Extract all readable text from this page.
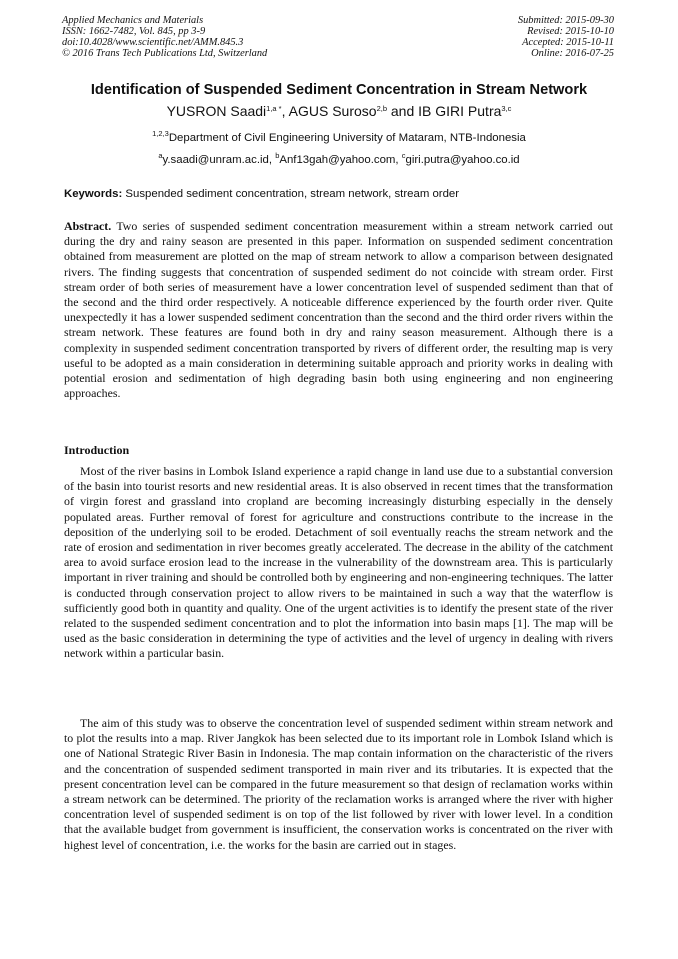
Applied Mechanics and Materials
ISSN: 1662-7482, Vol. 845, pp 3-9
doi:10.4028/www.scientific.net/AMM.845.3
© 2016 Trans Tech Publications Ltd, Switzerland
Submitted: 2015-09-30
Revised: 2015-10-10
Accepted: 2015-10-11
Online: 2016-07-25
Identification of Suspended Sediment Concentration in Stream Network
YUSRON Saadi$^{1,a *}$, AGUS Suroso$^{2,b}$ and IB GIRI Putra$^{3,c}$
$^{1,2,3}$Department of Civil Engineering University of Mataram, NTB-Indonesia
$^a$y.saadi@unram.ac.id, $^b$Anf13gah@yahoo.com, $^c$giri.putra@yahoo.co.id
Keywords: Suspended sediment concentration, stream network, stream order
Abstract. Two series of suspended sediment concentration measurement within a stream network carried out during the dry and rainy season are presented in this paper. Information on suspended sediment concentration obtained from measurement are plotted on the map of stream network to allow a comparison between designated rivers. The finding suggests that concentration of suspended sediment do not coincide with stream order. First stream order of both series of measurement have a lower concentration level of suspended sediment than that of the second and the third order respectively. A noticeable difference experienced by the fourth order river. Quite unexpectedly it has a lower suspended sediment concentration than the second and the third order rivers within the stream network. These features are found both in dry and rainy season measurement. Although there is a complexity in suspended sediment concentration transported by rivers of different order, the resulting map is very useful to be adopted as a main consideration in determining suitable approach and priority works in dealing with potential erosion and sedimentation of high degrading basin both using engineering and non engineering approaches.
Introduction
Most of the river basins in Lombok Island experience a rapid change in land use due to a substantial conversion of the basin into tourist resorts and new residential areas. It is also observed in recent times that the transformation of virgin forest and grassland into cropland are becoming increasingly disturbing especially in the densely populated areas. Further removal of forest for agriculture and constructions contribute to the increase in the deposition of the underlying soil to be eroded. Detachment of soil eventually reachs the stream network and the rate of erosion and sedimentation in river becomes greatly accelerated. The decrease in the ability of the catchment area to avoid surface erosion lead to the increase in the vulnerability of the downstream area. This is particularly important in river training and should be controlled both by engineering and non-engineering techniques. The latter is conducted through conservation project to allow rivers to be maintained in such a way that the waterflow is sufficiently good both in quantity and quality. One of the urgent activities is to identify the present state of the river related to the suspended sediment concentration and to plot the information into basin maps [1]. The map will be used as the basic consideration in determining the type of activities and the level of urgency in dealing with rivers network within a particular basin.
The aim of this study was to observe the concentration level of suspended sediment within stream network and to plot the results into a map. River Jangkok has been selected due to its important role in Lombok Island which is one of National Strategic River Basin in Indonesia. The map contain information on the characteristic of the rivers and the concentration of suspended sediment transported in main river and its tributaries. It is expected that the present concentration level can be compared in the future measurement so that design of reclamation works within a stream network can be determined. The priority of the reclamation works is arranged where the river with higher concentration level of suspended sediment is on top of the list followed by river with lower level. In a condition that the available budget from government is insufficient, the conservation works is concentrated on the river with highest level of concentration, i.e. the works for the basin are carried out in stages.
